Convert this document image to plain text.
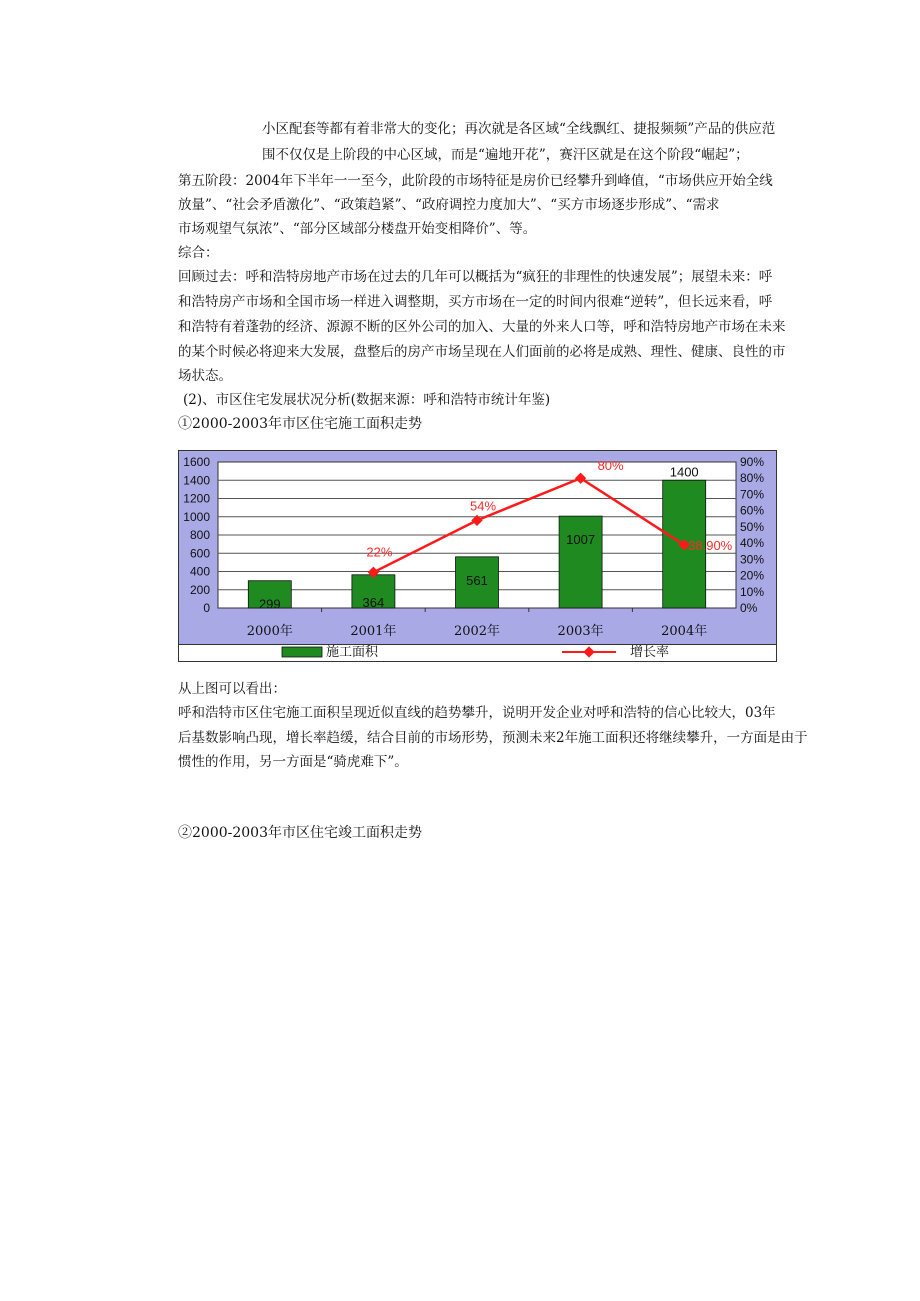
小区配套等都有着非常大的变化；再次就是各区域“全线飘红、捷报频频”产品的供应范
围不仅仅是上阶段的中心区域，而是“遍地开花”，赛汗区就是在这个阶段“崛起”；
第五阶段：2004年下半年一一至今，此阶段的市场特征是房价已经攀升到峰值，“市场供应开始全线
放量”、“社会矛盾激化”、“政策趋紧”、“政府调控力度加大”、“买方市场逐步形成”、“需求
市场观望气氛浓”、“部分区域部分楼盘开始变相降价”、等。
综合：
回顾过去：呼和浩特房地产市场在过去的几年可以概括为“疯狂的非理性的快速发展”；展望未来：呼
和浩特房产市场和全国市场一样进入调整期，买方市场在一定的时间内很难“逆转”，但长远来看，呼
和浩特有着蓬勃的经济、源源不断的区外公司的加入、大量的外来人口等，呼和浩特房地产市场在未来
的某个时候必将迎来大发展，盘整后的房产市场呈现在人们面前的必将是成熟、理性、健康、良性的市
场状态。
(2)、市区住宅发展状况分析(数据来源：呼和浩特市统计年鉴)
①2000-2003年市区住宅施工面积走势
0
200
400
600
800
1000
1200
1400
1600
0%
10%
20%
30%
40%
50%
60%
70%
80%
90%
299	364
561
1007
1400
22%
54%
80%
38.90%
2000年	2001年	2002年	2003年	2004年
施工面积	增长率
从上图可以看出：
呼和浩特市区住宅施工面积呈现近似直线的趋势攀升，说明开发企业对呼和浩特的信心比较大，03年
后基数影响凸现，增长率趋缓，结合目前的市场形势，预测未来2年施工面积还将继续攀升，一方面是由于
惯性的作用，另一方面是“骑虎难下”。
②2000-2003年市区住宅竣工面积走势
